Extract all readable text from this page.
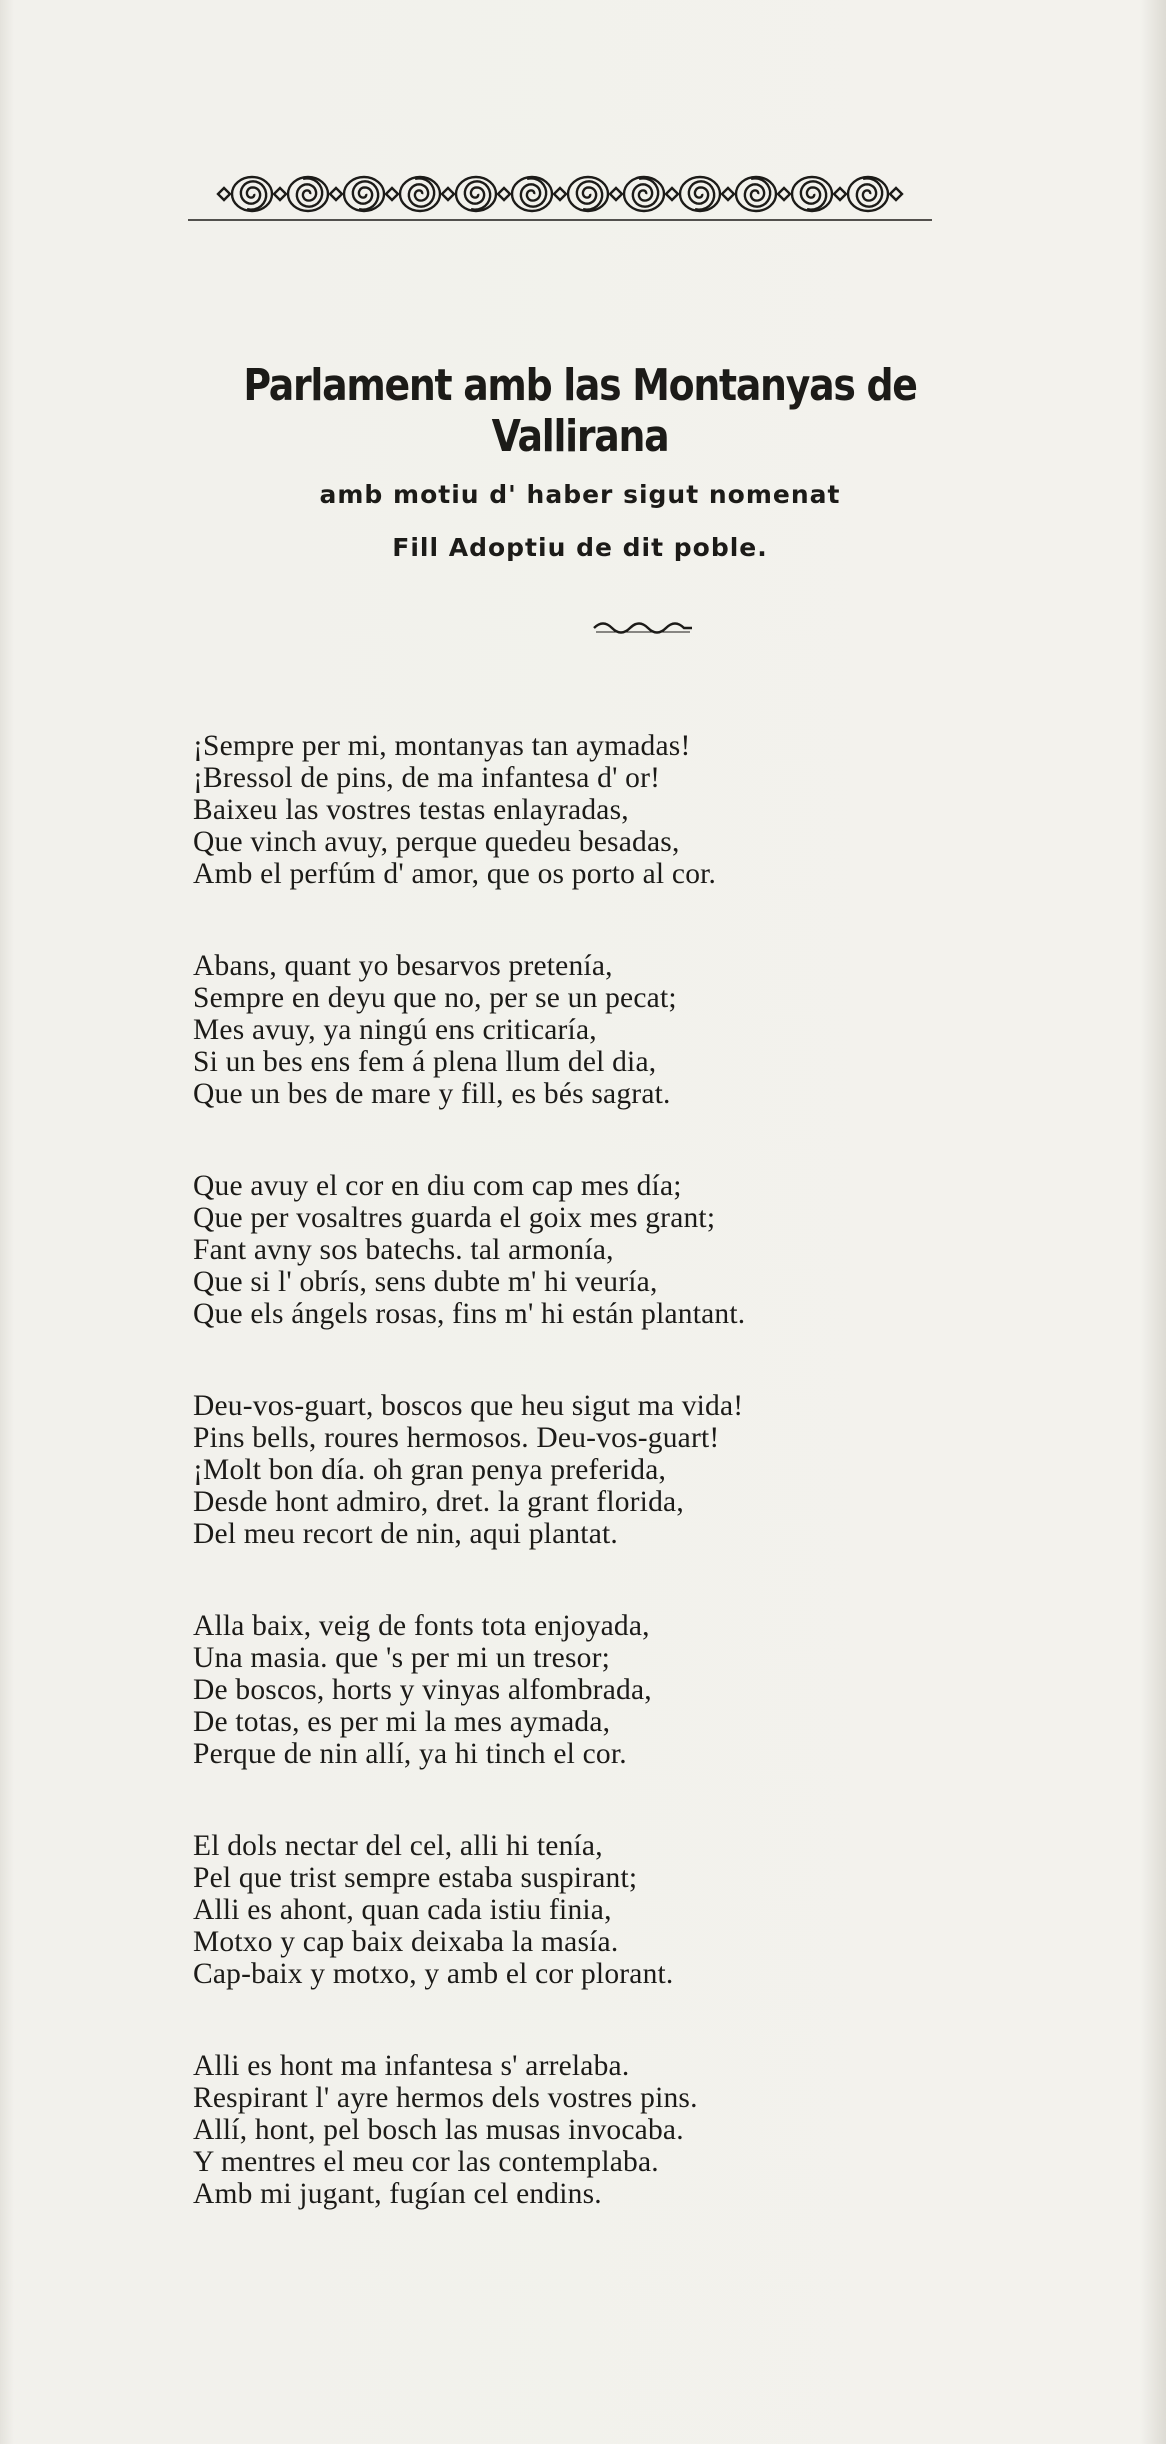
Parlament amb las Montanyas de Vallirana

amb motiu d' haber sigut nomenat

Fill Adoptiu de dit poble.

¡Sempre per mi, montanyas tan aymadas!
¡Bressol de pins, de ma infantesa d' or!
Baixeu las vostres testas enlayradas,
Que vinch avuy, perque quedeu besadas,
Amb el perfúm d' amor, que os porto al cor.
Abans, quant yo besarvos pretenía,
Sempre en deyu que no, per se un pecat;
Mes avuy, ya ningú ens criticaría,
Si un bes ens fem á plena llum del dia,
Que un bes de mare y fill, es bés sagrat.
Que avuy el cor en diu com cap mes día;
Que per vosaltres guarda el goix mes grant;
Fant avny sos batechs. tal armonía,
Que si l' obrís, sens dubte m' hi veuría,
Que els ángels rosas, fins m' hi están plantant.
Deu-vos-guart, boscos que heu sigut ma vida!
Pins bells, roures hermosos. Deu-vos-guart!
¡Molt bon día. oh gran penya preferida,
Desde hont admiro, dret. la grant florida,
Del meu recort de nin, aqui plantat.
Alla baix, veig de fonts tota enjoyada,
Una masia. que 's per mi un tresor;
De boscos, horts y vinyas alfombrada,
De totas, es per mi la mes aymada,
Perque de nin allí, ya hi tinch el cor.
El dols nectar del cel, alli hi tenía,
Pel que trist sempre estaba suspirant;
Alli es ahont, quan cada istiu finia,
Motxo y cap baix deixaba la masía.
Cap-baix y motxo, y amb el cor plorant.
Alli es hont ma infantesa s' arrelaba.
Respirant l' ayre hermos dels vostres pins.
Allí, hont, pel bosch las musas invocaba.
Y mentres el meu cor las contemplaba.
Amb mi jugant, fugían cel endins.
